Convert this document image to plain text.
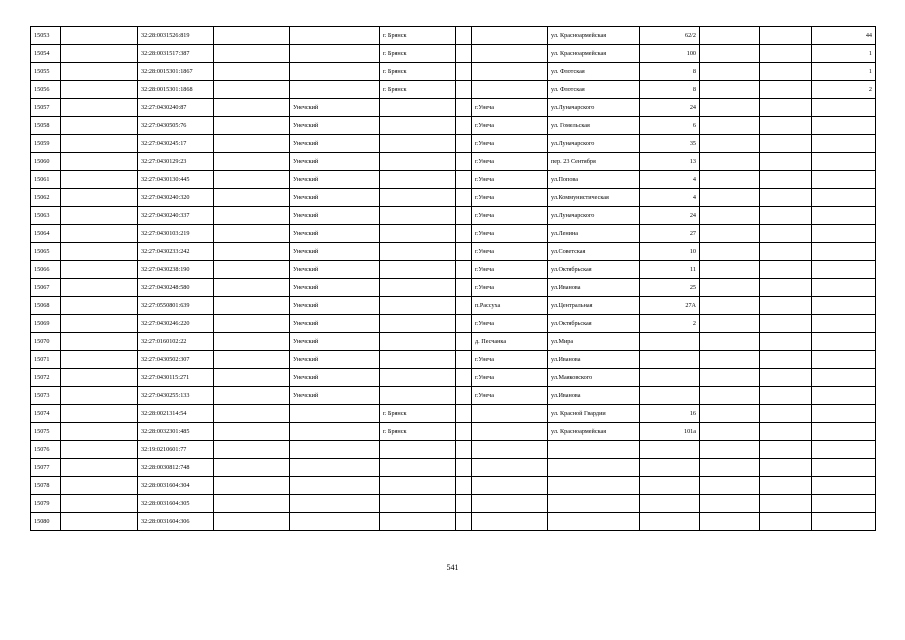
15053		32:28:0031526:819			г. Брянск			ул. Красноармейская	62/2			44
15054		32:28:0031517:387			г. Брянск			ул. Красноармейская	100			1
15055		32:28:0015301:1867			г. Брянск			ул. Флотская	8			1
15056		32:28:0015301:1868			г. Брянск			ул. Флотская	8			2
15057		32:27:0430240:87		Унечский			г.Унеча	ул.Луначарского	24			
15058		32:27:0430505:76		Унечский			г.Унеча	ул. Гомельская	6			
15059		32:27:0430245:17		Унечский			г.Унеча	ул.Луначарского	35			
15060		32:27:0430129:23		Унечский			г.Унеча	пер. 23 Сентября	13			
15061		32:27:0430130:445		Унечский			г.Унеча	ул.Попова	4			
15062		32:27:0430240:320		Унечский			г.Унеча	ул.Коммунистическая	4			
15063		32:27:0430240:337		Унечский			г.Унеча	ул.Луначарского	24			
15064		32:27:0430103:219		Унечский			г.Унеча	ул.Ленина	27			
15065		32:27:0430233:242		Унечский			г.Унеча	ул.Советская	10			
15066		32:27:0430238:190		Унечский			г.Унеча	ул.Октябрьская	11			
15067		32:27:0430248:580		Унечский			г.Унеча	ул.Иванова	25			
15068		32:27:0550801:639		Унечский			п.Рассуха	ул.Центральная	27А			
15069		32:27:0430246:220		Унечский			г.Унеча	ул.Октябрьская	2			
15070		32:27:0160102:22		Унечский			д. Песчанка	ул.Мира				
15071		32:27:0430502:307		Унечский			г.Унеча	ул.Иванова				
15072		32:27:0430115:271		Унечский			г.Унеча	ул.Маяковского				
15073		32:27:0430255:133		Унечский			г.Унеча	ул.Иванова				
15074		32:28:0021314:54			г. Брянск			ул. Красной Гвардии	16			
15075		32:28:0032301:485			г. Брянск			ул. Красноармейская	101а			
15076		32:19:0210601:77										
15077		32:28:0030812:748										
15078		32:28:0031604:304										
15079		32:28:0031604:305										
15080		32:28:0031604:306										
541
